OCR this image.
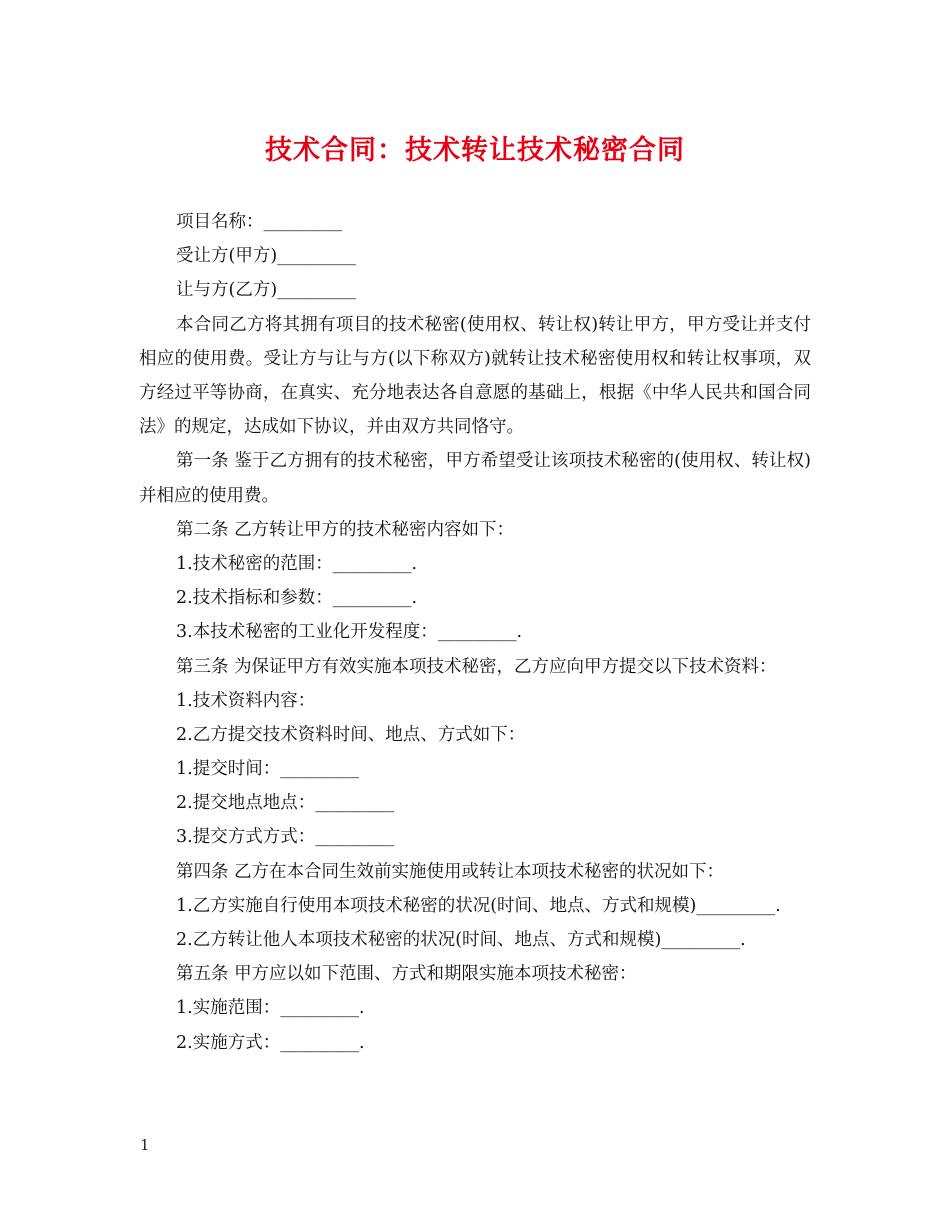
技术合同：技术转让技术秘密合同

项目名称：_________

受让方(甲方)_________

让与方(乙方)_________

本合同乙方将其拥有项目的技术秘密(使用权、转让权)转让甲方，甲方受让并支付相应的使用费。受让方与让与方(以下称双方)就转让技术秘密使用权和转让权事项，双方经过平等协商，在真实、充分地表达各自意愿的基础上，根据《中华人民共和国合同法》的规定，达成如下协议，并由双方共同恪守。

第一条 鉴于乙方拥有的技术秘密，甲方希望受让该项技术秘密的(使用权、转让权)并相应的使用费。

第二条 乙方转让甲方的技术秘密内容如下：

1.技术秘密的范围：_________.

2.技术指标和参数：_________.

3.本技术秘密的工业化开发程度：_________.

第三条 为保证甲方有效实施本项技术秘密，乙方应向甲方提交以下技术资料：

1.技术资料内容：

2.乙方提交技术资料时间、地点、方式如下：

1.提交时间：_________

2.提交地点地点：_________

3.提交方式方式：_________

第四条 乙方在本合同生效前实施使用或转让本项技术秘密的状况如下：

1.乙方实施自行使用本项技术秘密的状况(时间、地点、方式和规模)_________.

2.乙方转让他人本项技术秘密的状况(时间、地点、方式和规模)_________.

第五条 甲方应以如下范围、方式和期限实施本项技术秘密：

1.实施范围：_________.

2.实施方式：_________.

1
